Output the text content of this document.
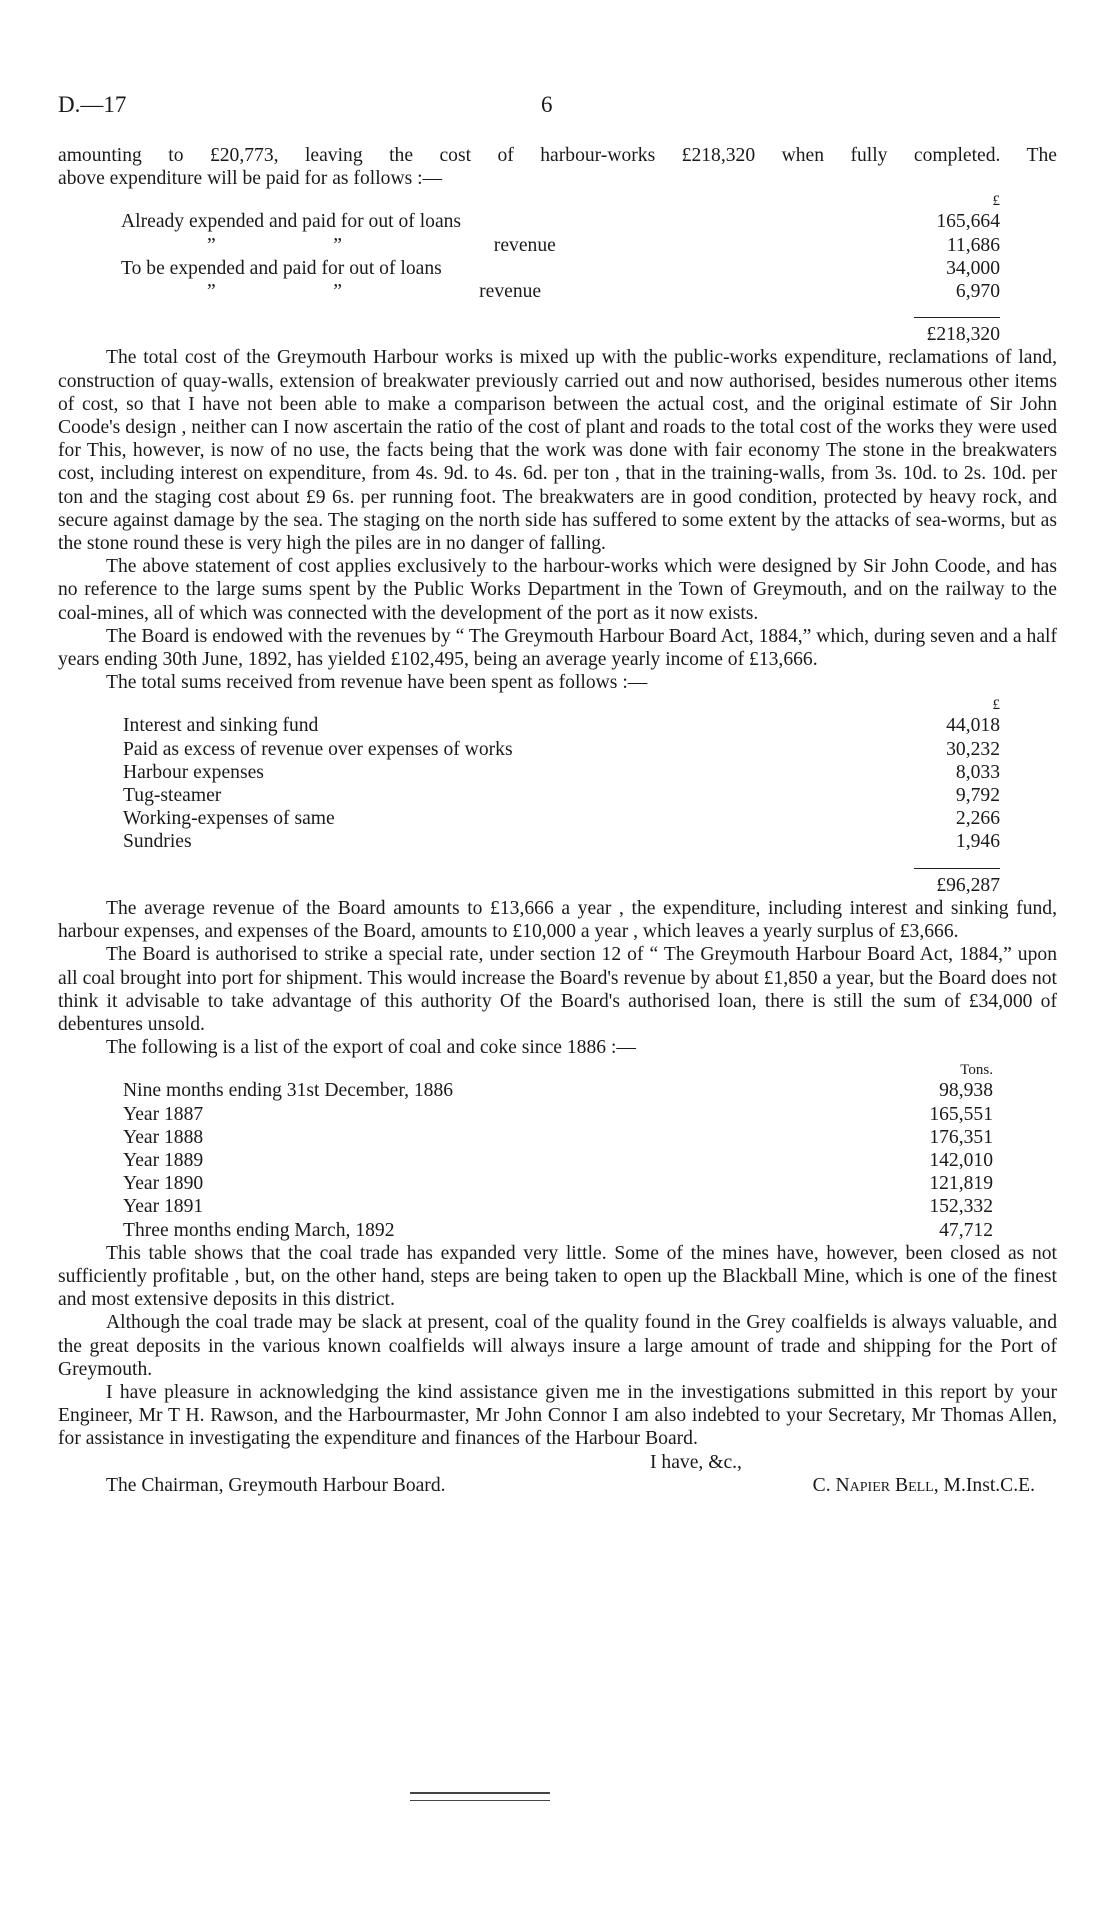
D.—17	6

amounting to £20,773, leaving the cost of harbour-works £218,320 when fully completed. The

above expenditure will be paid for as follows :—

	£
Already expended and paid for out of loans	165,664
”                        ”                               revenue	11,686
To be expended and paid for out of loans	34,000
”                        ”                            revenue	6,970
	£218,320

The total cost of the Greymouth Harbour works is mixed up with the public-works expenditure, reclamations of land, construction of quay-walls, extension of breakwater previously carried out and now authorised, besides numerous other items of cost, so that I have not been able to make a comparison between the actual cost, and the original estimate of Sir John Coode's design , neither can I now ascertain the ratio of the cost of plant and roads to the total cost of the works they were used for This, however, is now of no use, the facts being that the work was done with fair economy The stone in the breakwaters cost, including interest on expenditure, from 4s. 9d. to 4s. 6d. per ton , that in the training-walls, from 3s. 10d. to 2s. 10d. per ton and the staging cost about £9 6s. per running foot. The breakwaters are in good condition, protected by heavy rock, and secure against damage by the sea. The staging on the north side has suffered to some extent by the attacks of sea-worms, but as the stone round these is very high the piles are in no danger of falling.

The above statement of cost applies exclusively to the harbour-works which were designed by Sir John Coode, and has no reference to the large sums spent by the Public Works Department in the Town of Greymouth, and on the railway to the coal-mines, all of which was connected with the development of the port as it now exists.

The Board is endowed with the revenues by “ The Greymouth Harbour Board Act, 1884,” which, during seven and a half years ending 30th June, 1892, has yielded £102,495, being an average yearly income of £13,666.

The total sums received from revenue have been spent as follows :—

	£
Interest and sinking fund	44,018
Paid as excess of revenue over expenses of works	30,232
Harbour expenses	8,033
Tug-steamer	9,792
Working-expenses of same	2,266
Sundries	1,946
	£96,287

The average revenue of the Board amounts to £13,666 a year , the expenditure, including interest and sinking fund, harbour expenses, and expenses of the Board, amounts to £10,000 a year , which leaves a yearly surplus of £3,666.

The Board is authorised to strike a special rate, under section 12 of “ The Greymouth Harbour Board Act, 1884,” upon all coal brought into port for shipment. This would increase the Board's revenue by about £1,850 a year, but the Board does not think it advisable to take advantage of this authority Of the Board's authorised loan, there is still the sum of £34,000 of debentures unsold.

The following is a list of the export of coal and coke since 1886 :—

	Tons.
Nine months ending 31st December, 1886	98,938
Year 1887	165,551
Year 1888	176,351
Year 1889	142,010
Year 1890	121,819
Year 1891	152,332
Three months ending March, 1892	47,712

This table shows that the coal trade has expanded very little. Some of the mines have, however, been closed as not sufficiently profitable , but, on the other hand, steps are being taken to open up the Blackball Mine, which is one of the finest and most extensive deposits in this district.

Although the coal trade may be slack at present, coal of the quality found in the Grey coalfields is always valuable, and the great deposits in the various known coalfields will always insure a large amount of trade and shipping for the Port of Greymouth.

I have pleasure in acknowledging the kind assistance given me in the investigations submitted in this report by your Engineer, Mr T H. Rawson, and the Harbourmaster, Mr John Connor I am also indebted to your Secretary, Mr Thomas Allen, for assistance in investigating the expenditure and finances of the Harbour Board.

I have, &c.,
The Chairman, Greymouth Harbour Board.	C. Napier Bell, M.Inst.C.E.
